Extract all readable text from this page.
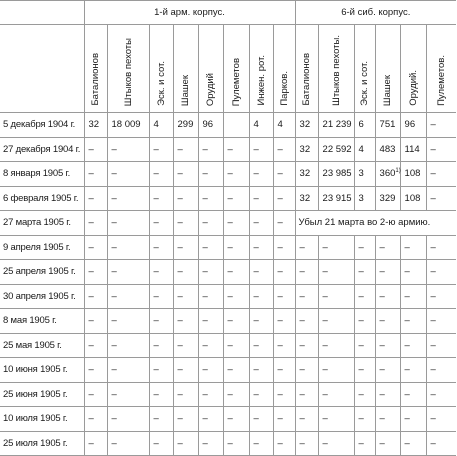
	1-й арм. корпус.								6-й сиб. корпус.					
	Баталионов	Штыков пехоты	Эск. и сот.	Шашек	Орудий	Пулеметов	Инжен. рот.	Парков.	Баталионов	Штыков пехоты.	Эск. и сот.	Шашек	Орудий.	Пулеметов.
5 декабря 1904 г.	32	18 009	4	299	96		4	4	32	21 239	6	751	96	–
27 декабря 1904 г.	–	–	–	–	–	–	–	–	32	22 592	4	483	114	–
8 января 1905 г.	–	–	–	–	–	–	–	–	32	23 985	3	360$^{1)}$	108	–
6 февраля 1905 г.	–	–	–	–	–	–	–	–	32	23 915	3	329	108	–
27 марта 1905 г.	–	–	–	–	–	–	–	–	Убыл 21 марта во 2-ю армию.					
9 апреля 1905 г.	–	–	–	–	–	–	–	–	–	–	–	–	–	–
25 апреля 1905 г.	–	–	–	–	–	–	–	–	–	–	–	–	–	–
30 апреля 1905 г.	–	–	–	–	–	–	–	–	–	–	–	–	–	–
8 мая 1905 г.	–	–	–	–	–	–	–	–	–	–	–	–	–	–
25 мая 1905 г.	–	–	–	–	–	–	–	–	–	–	–	–	–	–
10 июня 1905 г.	–	–	–	–	–	–	–	–	–	–	–	–	–	–
25 июня 1905 г.	–	–	–	–	–	–	–	–	–	–	–	–	–	–
10 июля 1905 г.	–	–	–	–	–	–	–	–	–	–	–	–	–	–
25 июля 1905 г.	–	–	–	–	–	–	–	–	–	–	–	–	–	–
